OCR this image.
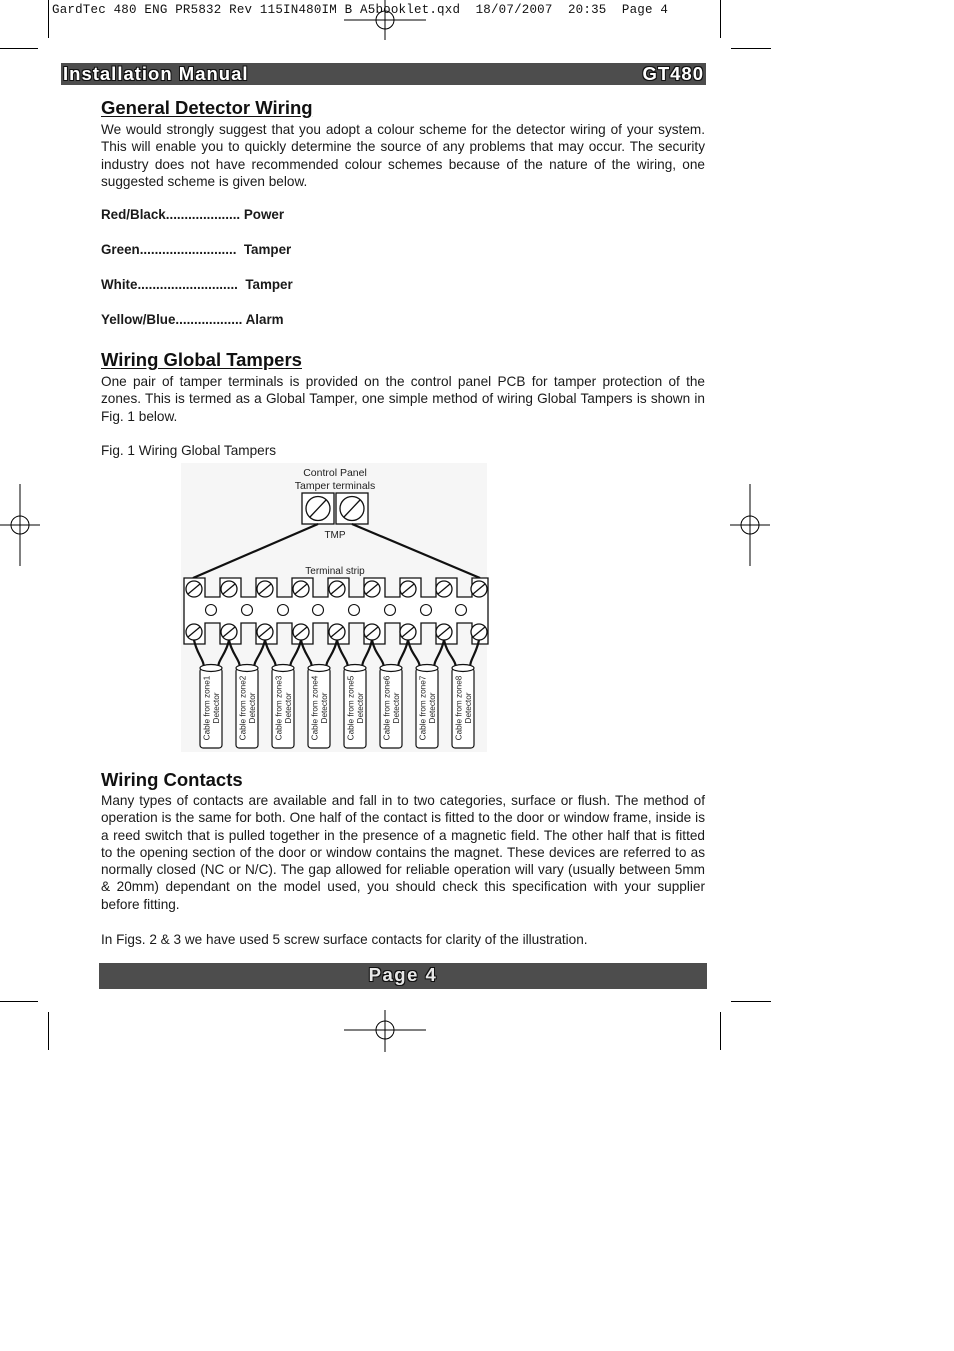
GardTec 480 ENG PR5832 Rev 115IN480IM B A5booklet.qxd  18/07/2007  20:35  Page 4
Installation Manual	GT480
General Detector Wiring

We would strongly suggest that you adopt a colour scheme for the detector wiring of your system. This will enable you to quickly determine the source of any problems that may occur. The security industry does not have recommended colour schemes because of the nature of the wiring, one suggested scheme is given below.

Red/Black.................... Power
Green..........................  Tamper
White...........................  Tamper
Yellow/Blue.................. Alarm
Wiring Global Tampers

One pair of tamper terminals is provided on the control panel PCB for tamper protection of the zones. This is termed as a Global Tamper, one simple method of wiring Global Tampers is shown in Fig. 1 below.

Fig. 1 Wiring Global Tampers
Control Panel
Tamper terminals
TMP
Terminal strip
Cable from zone1Detector Cable from zone2Detector Cable from zone3Detector Cable from zone4Detector Cable from zone5Detector Cable from zone6Detector Cable from zone7Detector Cable from zone8Detector
Wiring Contacts

Many types of contacts are available and fall in to two categories, surface or flush. The method of operation is the same for both. One half of the contact is fitted to the door or window frame, inside is a reed switch that is pulled together in the presence of a magnetic field. The other half that is fitted to the opening section of the door or window contains the magnet. These devices are referred to as normally closed (NC or N/C). The gap allowed for reliable operation will vary (usually between 5mm & 20mm) dependant on the model used, you should check this specification with your supplier before fitting.

In Figs. 2 & 3 we have used 5 screw surface contacts for clarity of the illustration.

Page 4
